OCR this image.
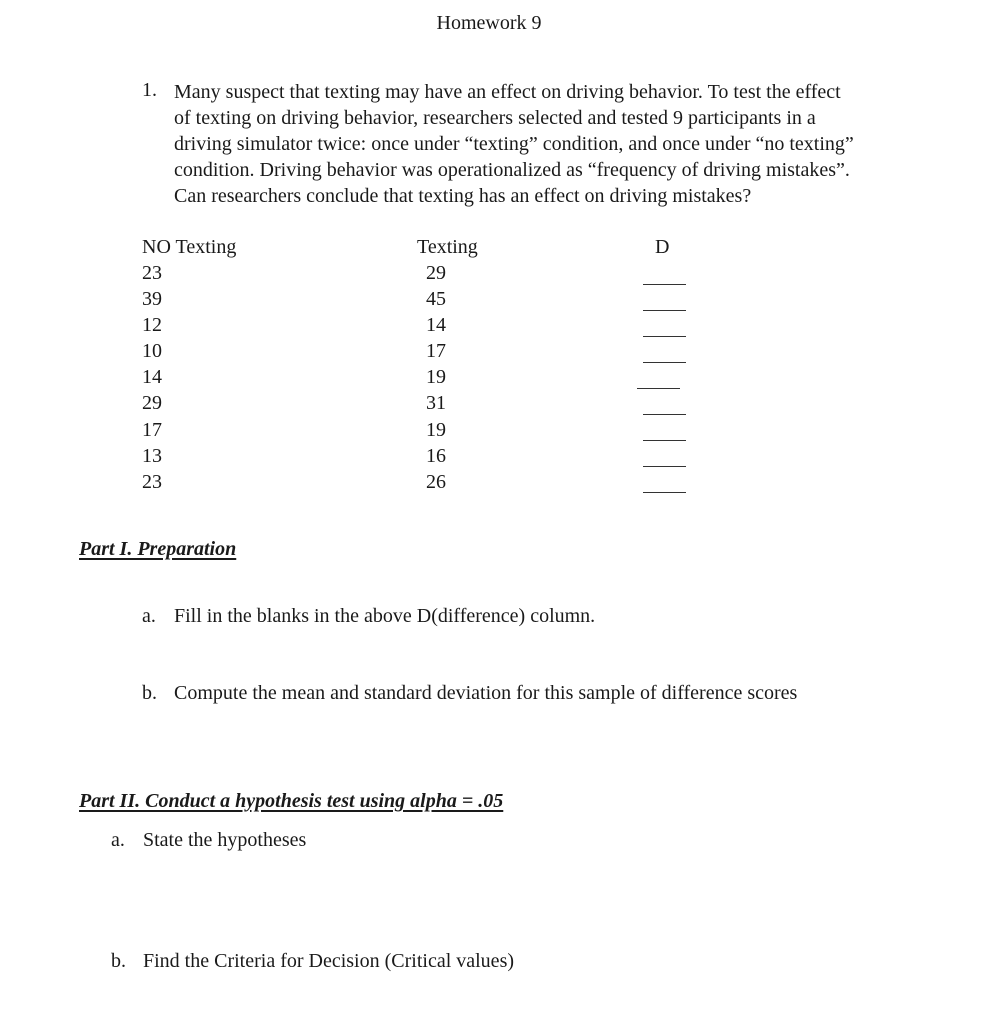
Homework 9
1. Many suspect that texting may have an effect on driving behavior. To test the effect
of texting on driving behavior, researchers selected and tested 9 participants in a
driving simulator twice: once under “texting” condition, and once under “no texting”
condition. Driving behavior was operationalized as “frequency of driving mistakes”.
Can researchers conclude that texting has an effect on driving mistakes?
NO Texting	Texting	D
23	29
39	45
12	14
10	17
14	19
29	31
17	19
13	16
23	26
Part I. Preparation
a. Fill in the blanks in the above D(difference) column.
b. Compute the mean and standard deviation for this sample of difference scores
Part II. Conduct a hypothesis test using alpha = .05
a. State the hypotheses
b. Find the Criteria for Decision (Critical values)
